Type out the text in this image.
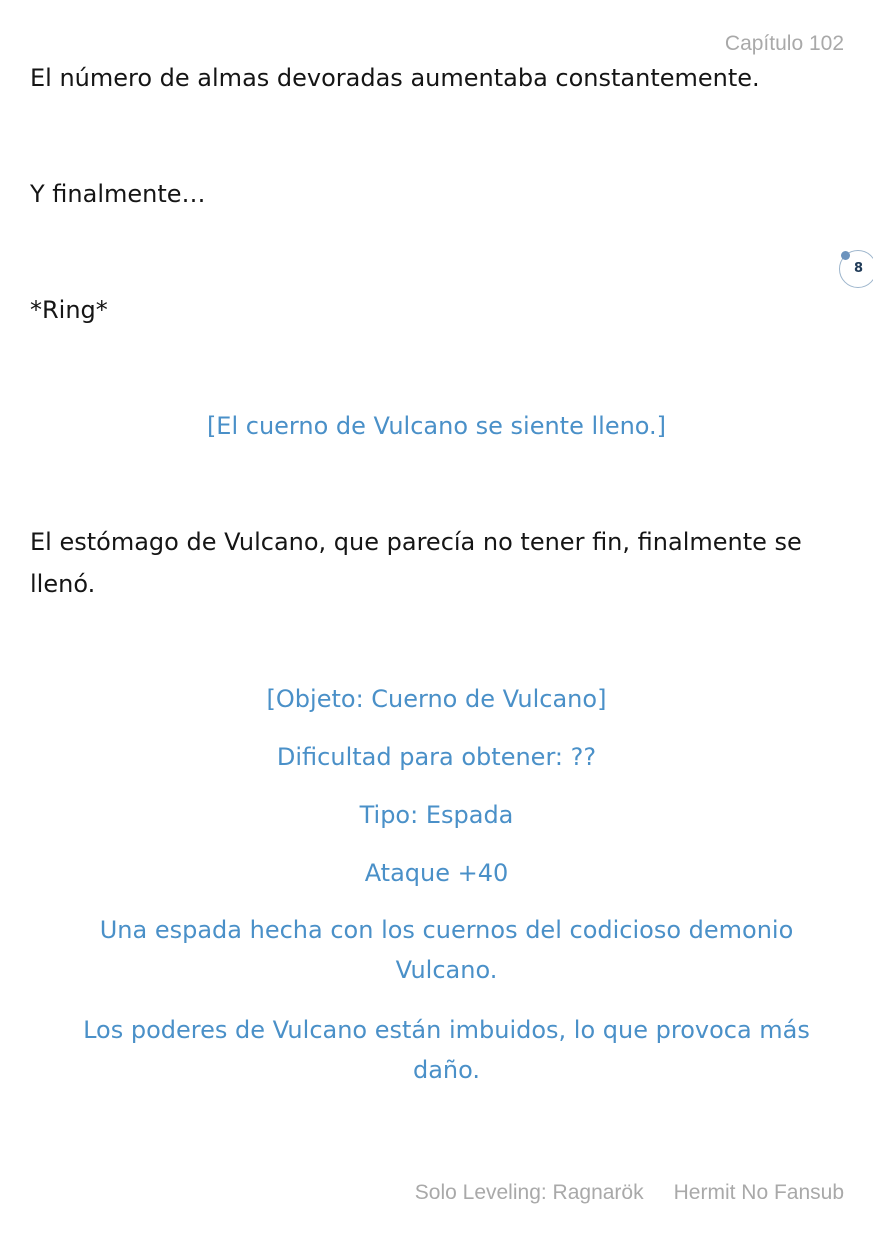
Capítulo 102
El número de almas devoradas aumentaba constantemente.
Y finalmente…
*Ring*
[El cuerno de Vulcano se siente lleno.]
El estómago de Vulcano, que parecía no tener fin, finalmente se llenó.
[Objeto: Cuerno de Vulcano]
Dificultad para obtener: ??
Tipo: Espada
Ataque +40
Una espada hecha con los cuernos del codicioso demonio Vulcano.
Los poderes de Vulcano están imbuidos, lo que provoca más daño.
8
Solo Leveling: Ragnarök Hermit No Fansub
